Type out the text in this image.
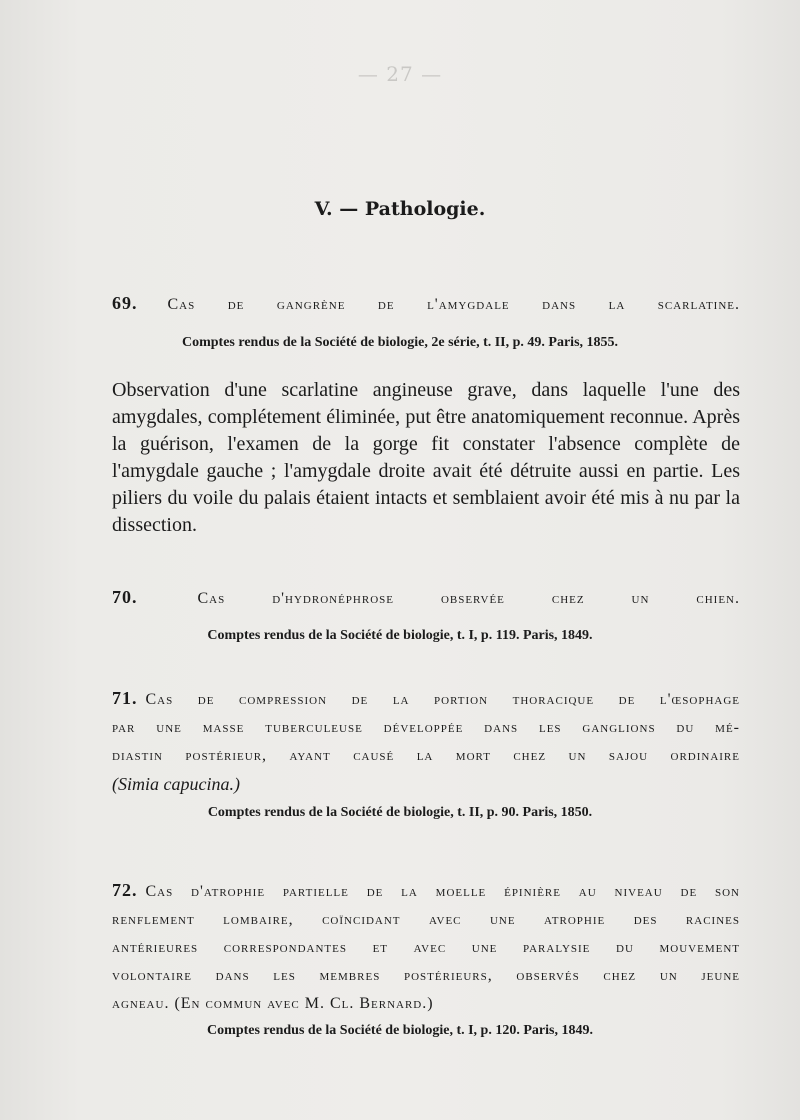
— 27 —
V. — Pathologie.
69. Cas de gangrène de l'amygdale dans la scarlatine.
Comptes rendus de la Société de biologie, 2e série, t. II, p. 49. Paris, 1855.
Observation d'une scarlatine angineuse grave, dans laquelle l'une des amygdales, complétement éliminée, put être anatomiquement reconnue. Après la guérison, l'examen de la gorge fit constater l'absence complète de l'amygdale gauche ; l'amygdale droite avait été détruite aussi en partie. Les piliers du voile du palais étaient intacts et semblaient avoir été mis à nu par la dissection.
70.	Cas d'hydronéphrose observée chez un chien.
Comptes rendus de la Société de biologie, t. I, p. 119. Paris, 1849.
71. Cas de compression de la portion thoracique de l'œsophage
par une masse tuberculeuse développée dans les ganglions du mé-
diastin postérieur, ayant causé la mort chez un sajou ordinaire
(Simia capucina.)
Comptes rendus de la Société de biologie, t. II, p. 90. Paris, 1850.
72. Cas d'atrophie partielle de la moelle épinière au niveau de son
renflement lombaire, coïncidant avec une atrophie des racines
antérieures correspondantes et avec une paralysie du mouvement
volontaire dans les membres postérieurs, observés chez un jeune
agneau. (En commun avec M. Cl. Bernard.)
Comptes rendus de la Société de biologie, t. I, p. 120. Paris, 1849.
